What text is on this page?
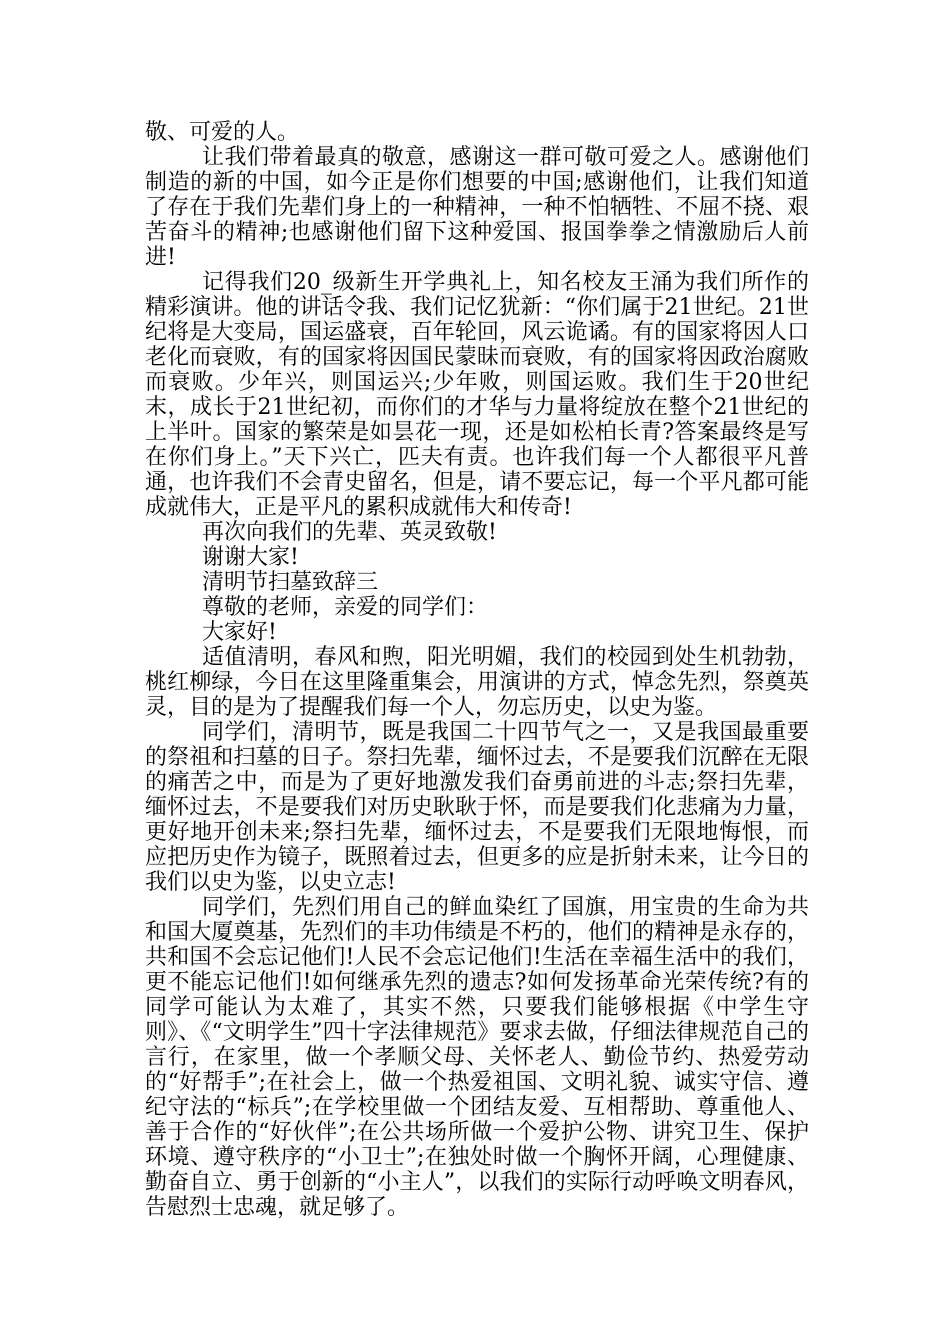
敬、可爱的人。

让我们带着最真的敬意，感谢这一群可敬可爱之人。感谢他们制造的新的中国，如今正是你们想要的中国;感谢他们，让我们知道了存在于我们先辈们身上的一种精神，一种不怕牺牲、不屈不挠、艰苦奋斗的精神;也感谢他们留下这种爱国、报国拳拳之情激励后人前进!

记得我们20_级新生开学典礼上，知名校友王涌为我们所作的精彩演讲。他的讲话令我、我们记忆犹新：“你们属于21世纪。21世纪将是大变局，国运盛衰，百年轮回，风云诡谲。有的国家将因人口老化而衰败，有的国家将因国民蒙昧而衰败，有的国家将因政治腐败而衰败。少年兴，则国运兴;少年败，则国运败。我们生于20世纪末，成长于21世纪初，而你们的才华与力量将绽放在整个21世纪的上半叶。国家的繁荣是如昙花一现，还是如松柏长青?答案最终是写在你们身上。”天下兴亡，匹夫有责。也许我们每一个人都很平凡普通，也许我们不会青史留名，但是，请不要忘记，每一个平凡都可能成就伟大，正是平凡的累积成就伟大和传奇!

再次向我们的先辈、英灵致敬!

谢谢大家!

清明节扫墓致辞三

尊敬的老师，亲爱的同学们：

大家好!

适值清明，春风和煦，阳光明媚，我们的校园到处生机勃勃，桃红柳绿，今日在这里隆重集会，用演讲的方式，悼念先烈，祭奠英灵，目的是为了提醒我们每一个人，勿忘历史，以史为鉴。

同学们，清明节，既是我国二十四节气之一，又是我国最重要的祭祖和扫墓的日子。祭扫先辈，缅怀过去，不是要我们沉醉在无限的痛苦之中，而是为了更好地激发我们奋勇前进的斗志;祭扫先辈，缅怀过去，不是要我们对历史耿耿于怀，而是要我们化悲痛为力量，更好地开创未来;祭扫先辈，缅怀过去，不是要我们无限地悔恨，而应把历史作为镜子，既照着过去，但更多的应是折射未来，让今日的我们以史为鉴，以史立志!

同学们，先烈们用自己的鲜血染红了国旗，用宝贵的生命为共和国大厦奠基，先烈们的丰功伟绩是不朽的，他们的精神是永存的，共和国不会忘记他们!人民不会忘记他们!生活在幸福生活中的我们，更不能忘记他们!如何继承先烈的遗志?如何发扬革命光荣传统?有的同学可能认为太难了，其实不然，只要我们能够根据《中学生守则》、《“文明学生”四十字法律规范》要求去做，仔细法律规范自己的言行，在家里，做一个孝顺父母、关怀老人、勤俭节约、热爱劳动的“好帮手”;在社会上，做一个热爱祖国、文明礼貌、诚实守信、遵纪守法的“标兵”;在学校里做一个团结友爱、互相帮助、尊重他人、善于合作的“好伙伴”;在公共场所做一个爱护公物、讲究卫生、保护环境、遵守秩序的“小卫士”;在独处时做一个胸怀开阔，心理健康、勤奋自立、勇于创新的“小主人”，以我们的实际行动呼唤文明春风，告慰烈士忠魂，就足够了。
